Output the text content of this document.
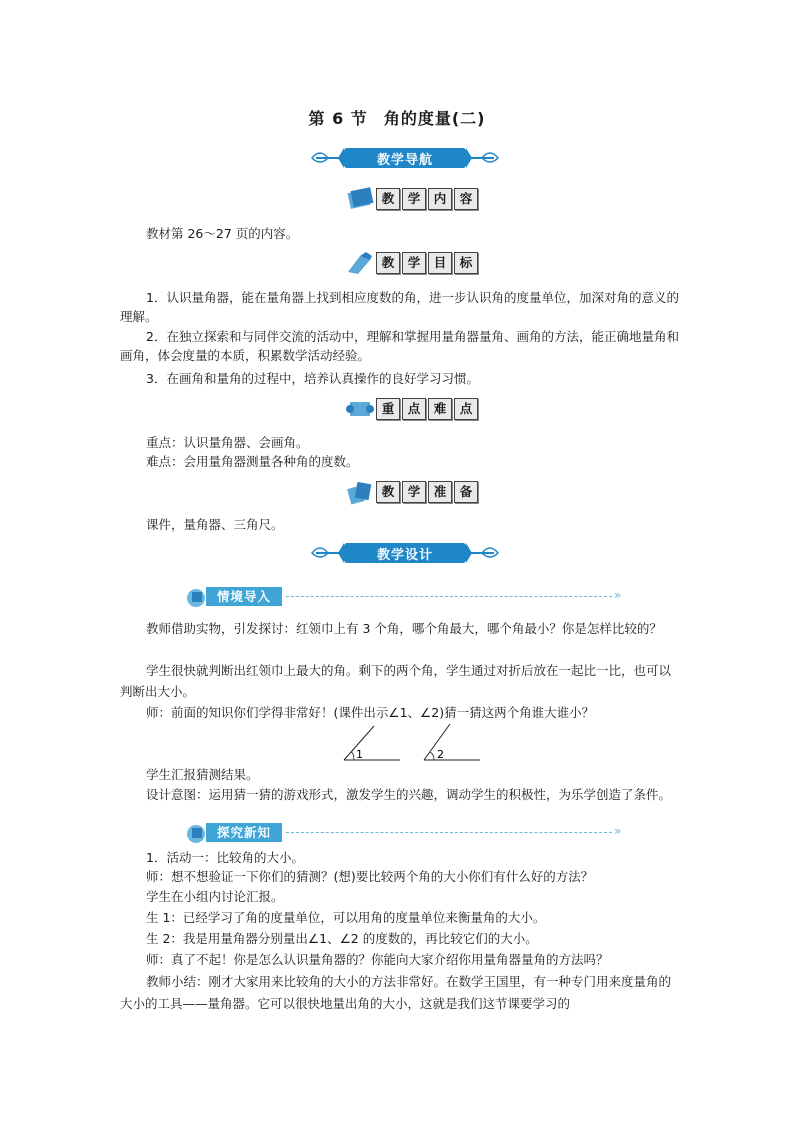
第 6 节 角的度量(二)
教学导航
教	学	内	容
教材第 26～27 页的内容。
教	学	目	标
1．认识量角器，能在量角器上找到相应度数的角，进一步认识角的度量单位，加深对角的意义的理解。
2．在独立探索和与同伴交流的活动中，理解和掌握用量角器量角、画角的方法，能正确地量角和画角，体会度量的本质，积累数学活动经验。
3．在画角和量角的过程中，培养认真操作的良好学习习惯。
重	点	难	点
重点：认识量角器、会画角。
难点：会用量角器测量各种角的度数。
教	学	准	备
课件，量角器、三角尺。
教学设计
情境导入	»
教师借助实物，引发探讨：红领巾上有 3 个角，哪个角最大，哪个角最小？你是怎样比较的？
学生很快就判断出红领巾上最大的角。剩下的两个角，学生通过对折后放在一起比一比，也可以判断出大小。
师：前面的知识你们学得非常好！(课件出示∠1、∠2)猜一猜这两个角谁大谁小？
1	2
学生汇报猜测结果。
设计意图：运用猜一猜的游戏形式，激发学生的兴趣，调动学生的积极性，为乐学创造了条件。
探究新知	»
1．活动一：比较角的大小。
师：想不想验证一下你们的猜测？(想)要比较两个角的大小你们有什么好的方法？
学生在小组内讨论汇报。
生 1：已经学习了角的度量单位，可以用角的度量单位来衡量角的大小。
生 2：我是用量角器分别量出∠1、∠2 的度数的，再比较它们的大小。
师：真了不起！你是怎么认识量角器的？你能向大家介绍你用量角器量角的方法吗？
教师小结：刚才大家用来比较角的大小的方法非常好。在数学王国里，有一种专门用来度量角的大小的工具——量角器。它可以很快地量出角的大小，这就是我们这节课要学习的
